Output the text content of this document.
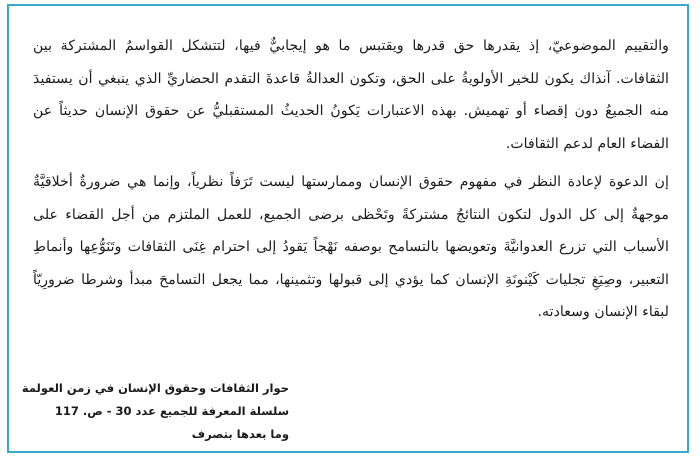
والتقييم الموضوعيّ، إذ يقدرها حق قدرها ويقتبس ما هو إيجابيٌّ فيها، لتتشكل القواسمُ المشتركة بين الثقافات. آنذاك يكون للخير الأولويةُ على الحق، وتكون العدالةُ قاعدةَ التقدم الحضاريِّ الذي ينبغي أن يستفيدَ منه الجميعُ دون إقصاء أو تهميش. بهذه الاعتبارات يَكونُ الحديثُ المستقبليُّ عن حقوق الإنسان حديثاً عن الفضاء العام لدعم الثقافات.

إن الدعوة لإعادة النظر في مفهوم حقوق الإنسان وممارستها ليست تَرَفاً نظرياً، وإنما هي ضرورةٌ أخلاقيَّةٌ موجهةٌ إلى كل الدول لتكون النتائجُ مشتركةً وتَحْظى برضى الجميع، للعمل الملتزم من أجل القضاء على الأسباب التي تزرع العدوانيَّةَ وتعويضها بالتسامح بوصفه نَهْجاً يَقودُ إلى احترام غِنَى الثقافات وتَنَوُّعِها وأنماطِ التعبير، وصِيَغِ تجليات كَيْنونَةِ الإنسان كما يؤدي إلى قبولها وتثمينها، مما يجعل التسامحَ مبدأ وشرطا ضرورِيّاً لبقاء الإنسان وسعادته.

حوار الثقافات وحقوق الإنسان في زمن العولمة
سلسلة المعرفة للجميع عدد 30 - ص. 117
وما بعدها بتصرف
